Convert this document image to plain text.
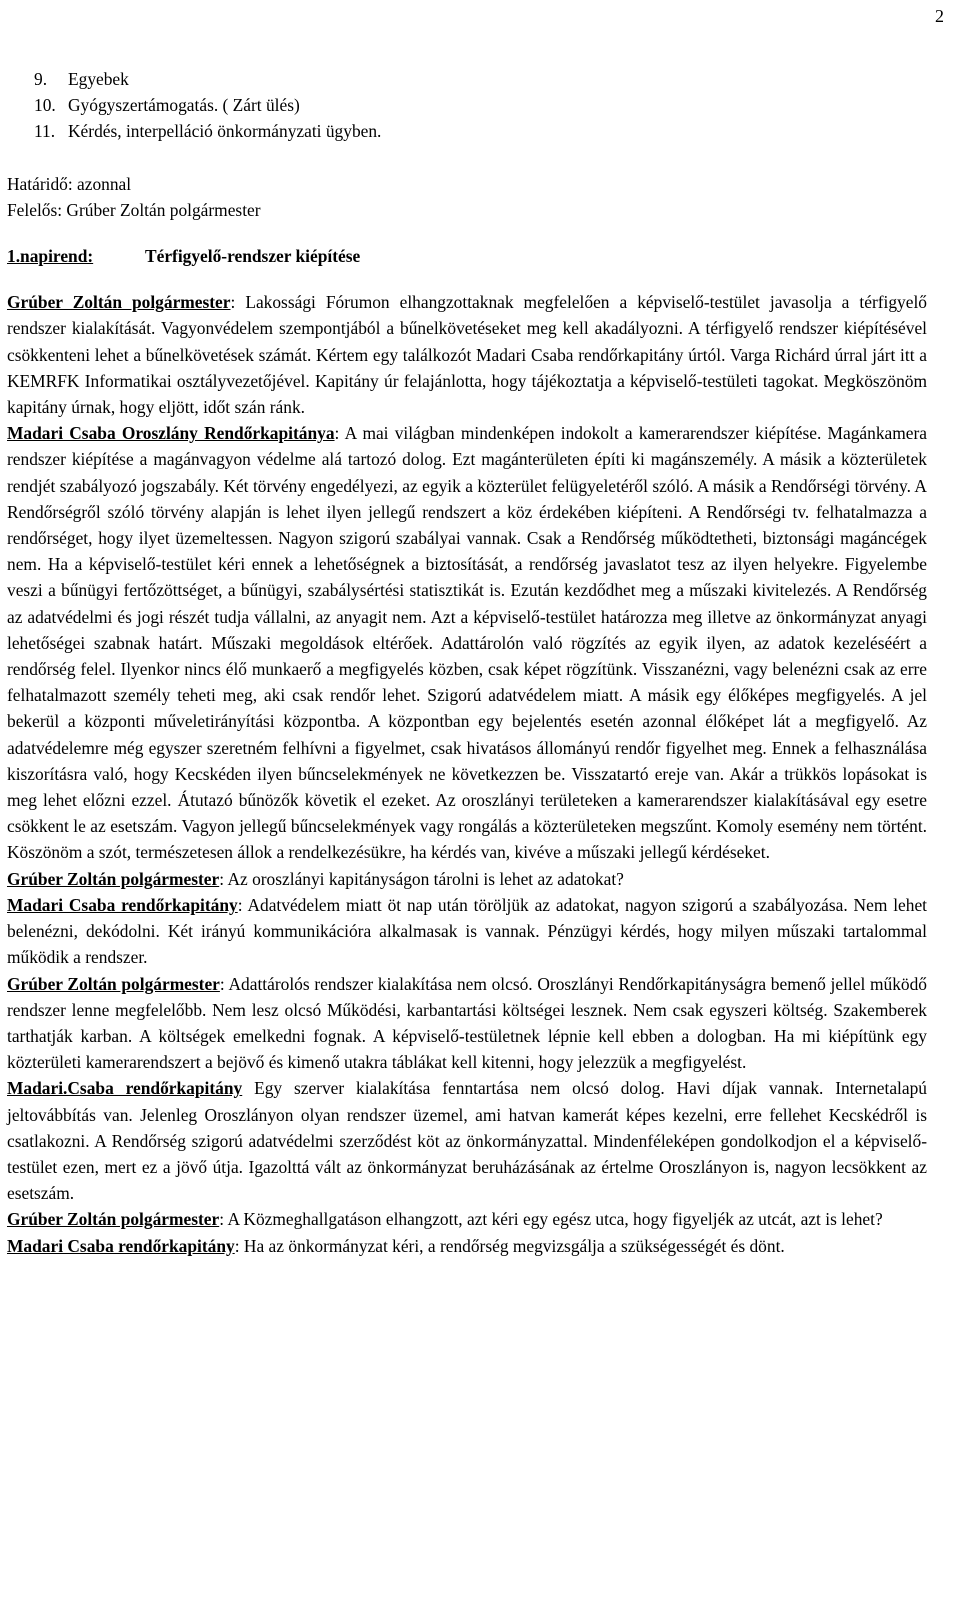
2
9. Egyebek
10. Gyógyszertámogatás. ( Zárt ülés)
11. Kérdés, interpelláció önkormányzati ügyben.
Határidő: azonnal
Felelős: Grúber Zoltán polgármester
1.napirend:	Térfigyelő-rendszer kiépítése

Grúber Zoltán polgármester: Lakossági Fórumon elhangzottaknak megfelelően a képviselő-testület javasolja a térfigyelő rendszer kialakítását. Vagyonvédelem szempontjából a bűnelkövetéseket meg kell akadályozni. A térfigyelő rendszer kiépítésével csökkenteni lehet a bűnelkövetések számát. Kértem egy találkozót Madari Csaba rendőrkapitány úrtól. Varga Richárd úrral járt itt a KEMRFK Informatikai osztályvezetőjével. Kapitány úr felajánlotta, hogy tájékoztatja a képviselő-testületi tagokat. Megköszönöm kapitány úrnak, hogy eljött, időt szán ránk.

Madari Csaba Oroszlány Rendőrkapitánya: A mai világban mindenképen indokolt a kamerarendszer kiépítése. Magánkamera rendszer kiépítése a magánvagyon védelme alá tartozó dolog. Ezt magánterületen építi ki magánszemély. A másik a közterületek rendjét szabályozó jogszabály. Két törvény engedélyezi, az egyik a közterület felügyeletéről szóló. A másik a Rendőrségi törvény. A Rendőrségről szóló törvény alapján is lehet ilyen jellegű rendszert a köz érdekében kiépíteni. A Rendőrségi tv. felhatalmazza a rendőrséget, hogy ilyet üzemeltessen. Nagyon szigorú szabályai vannak. Csak a Rendőrség működtetheti, biztonsági magáncégek nem. Ha a képviselő-testület kéri ennek a lehetőségnek a biztosítását, a rendőrség javaslatot tesz az ilyen helyekre. Figyelembe veszi a bűnügyi fertőzöttséget, a bűnügyi, szabálysértési statisztikát is. Ezután kezdődhet meg a műszaki kivitelezés. A Rendőrség az adatvédelmi és jogi részét tudja vállalni, az anyagit nem. Azt a képviselő-testület határozza meg illetve az önkormányzat anyagi lehetőségei szabnak határt. Műszaki megoldások eltérőek. Adattárolón való rögzítés az egyik ilyen, az adatok kezeléséért a rendőrség felel. Ilyenkor nincs élő munkaerő a megfigyelés közben, csak képet rögzítünk. Visszanézni, vagy belenézni csak az erre felhatalmazott személy teheti meg, aki csak rendőr lehet. Szigorú adatvédelem miatt. A másik egy élőképes megfigyelés. A jel bekerül a központi műveletirányítási központba. A központban egy bejelentés esetén azonnal élőképet lát a megfigyelő. Az adatvédelemre még egyszer szeretném felhívni a figyelmet, csak hivatásos állományú rendőr figyelhet meg. Ennek a felhasználása kiszorításra való, hogy Kecskéden ilyen bűncselekmények ne következzen be. Visszatartó ereje van. Akár a trükkös lopásokat is meg lehet előzni ezzel. Átutazó bűnözők követik el ezeket. Az oroszlányi területeken a kamerarendszer kialakításával egy esetre csökkent le az esetszám. Vagyon jellegű bűncselekmények vagy rongálás a közterületeken megszűnt. Komoly esemény nem történt. Köszönöm a szót, természetesen állok a rendelkezésükre, ha kérdés van, kivéve a műszaki jellegű kérdéseket.

Grúber Zoltán polgármester: Az oroszlányi kapitányságon tárolni is lehet az adatokat?

Madari Csaba rendőrkapitány: Adatvédelem miatt öt nap után töröljük az adatokat, nagyon szigorú a szabályozása. Nem lehet belenézni, dekódolni. Két irányú kommunikációra alkalmasak is vannak. Pénzügyi kérdés, hogy milyen műszaki tartalommal működik a rendszer.

Grúber Zoltán polgármester: Adattárolós rendszer kialakítása nem olcsó. Oroszlányi Rendőrkapitányságra bemenő jellel működő rendszer lenne megfelelőbb. Nem lesz olcsó Működési, karbantartási költségei lesznek. Nem csak egyszeri költség. Szakemberek tarthatják karban. A költségek emelkedni fognak. A képviselő-testületnek lépnie kell ebben a dologban. Ha mi kiépítünk egy közterületi kamerarendszert a bejövő és kimenő utakra táblákat kell kitenni, hogy jelezzük a megfigyelést.

Madari.Csaba rendőrkapitány Egy szerver kialakítása fenntartása nem olcsó dolog. Havi díjak vannak. Internetalapú jeltovábbítás van. Jelenleg Oroszlányon olyan rendszer üzemel, ami hatvan kamerát képes kezelni, erre fellehet Kecskédről is csatlakozni. A Rendőrség szigorú adatvédelmi szerződést köt az önkormányzattal. Mindenféleképen gondolkodjon el a képviselő-testület ezen, mert ez a jövő útja. Igazolttá vált az önkormányzat beruházásának az értelme Oroszlányon is, nagyon lecsökkent az esetszám.

Grúber Zoltán polgármester: A Közmeghallgatáson elhangzott, azt kéri egy egész utca, hogy figyeljék az utcát, azt is lehet?

Madari Csaba rendőrkapitány: Ha az önkormányzat kéri, a rendőrség megvizsgálja a szükségességét és dönt.
